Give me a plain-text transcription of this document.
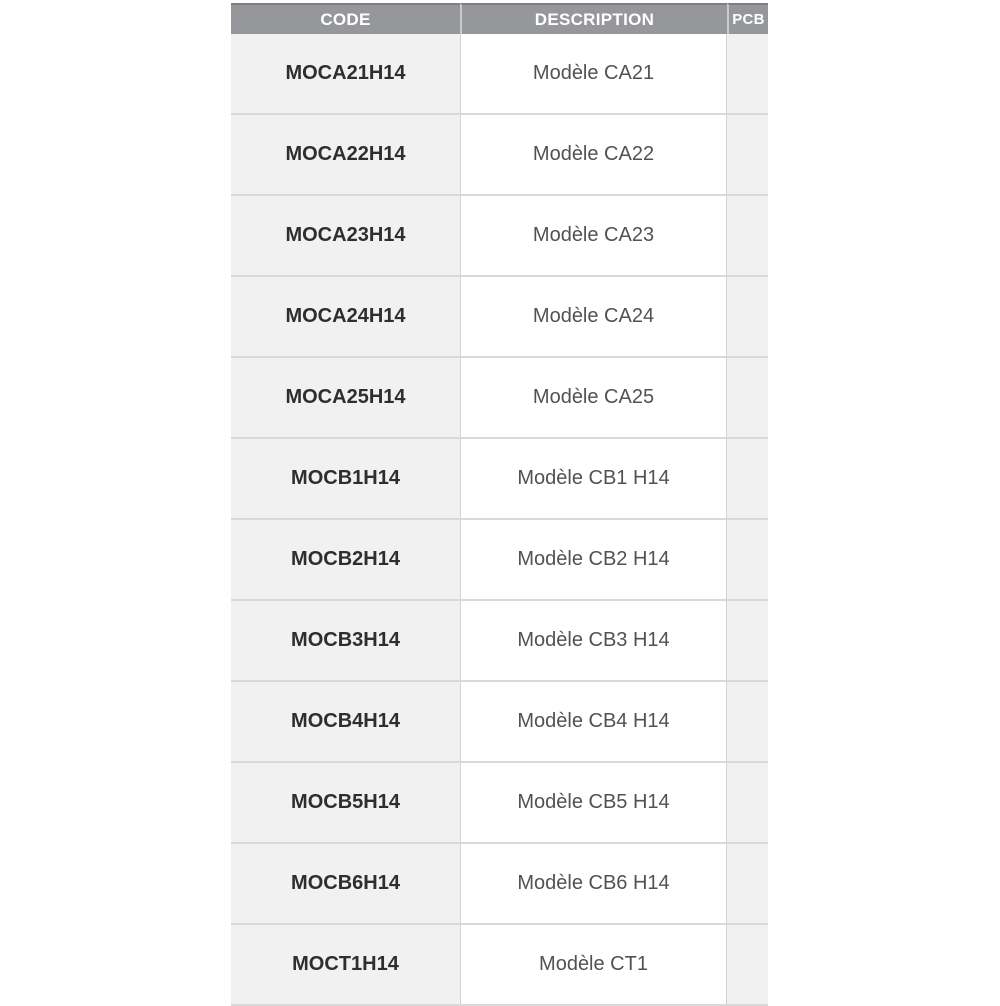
CODE	DESCRIPTION	PCB
MOCA21H14	Modèle CA21	
MOCA22H14	Modèle CA22	
MOCA23H14	Modèle CA23	
MOCA24H14	Modèle CA24	
MOCA25H14	Modèle CA25	
MOCB1H14	Modèle CB1 H14	
MOCB2H14	Modèle CB2 H14	
MOCB3H14	Modèle CB3 H14	
MOCB4H14	Modèle CB4 H14	
MOCB5H14	Modèle CB5 H14	
MOCB6H14	Modèle CB6 H14	
MOCT1H14	Modèle CT1	
